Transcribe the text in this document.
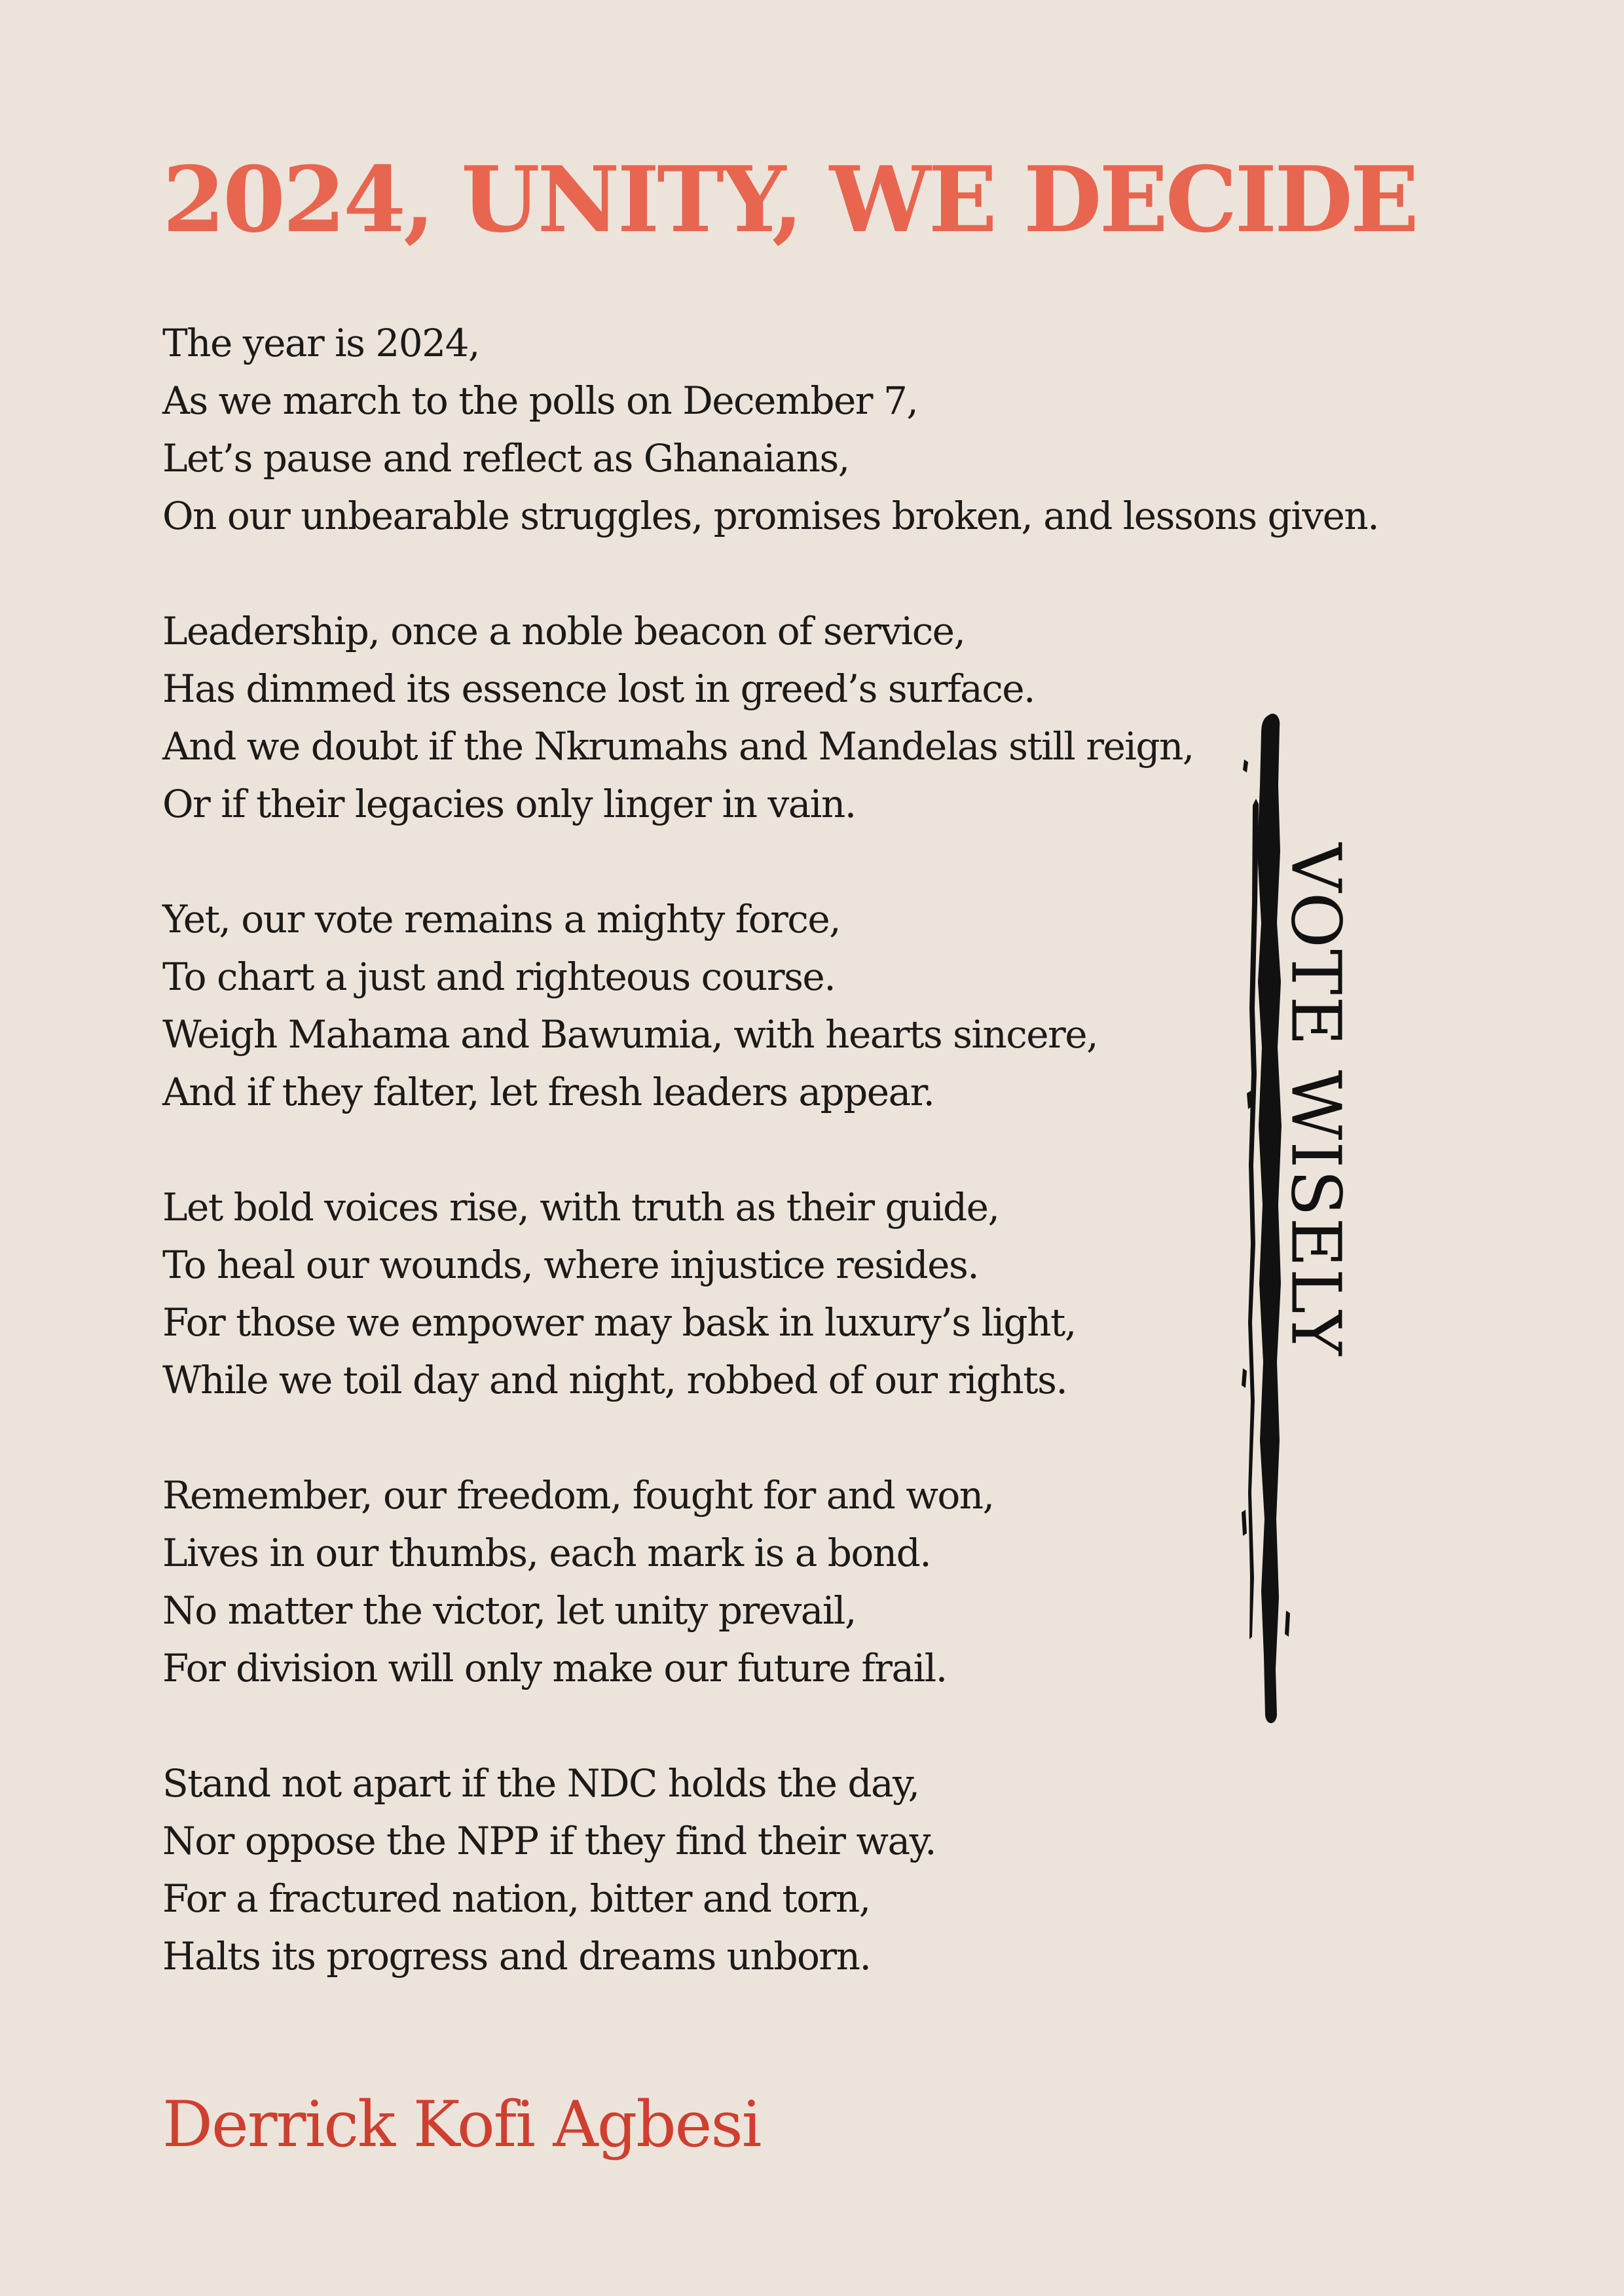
2024, UNITY, WE DECIDE
The year is 2024,
As we march to the polls on December 7,
Let’s pause and reflect as Ghanaians,
On our unbearable struggles, promises broken, and lessons given.
Leadership, once a noble beacon of service,
Has dimmed its essence lost in greed’s surface.
And we doubt if the Nkrumahs and Mandelas still reign,
Or if their legacies only linger in vain.
Yet, our vote remains a mighty force,
To chart a just and righteous course.
Weigh Mahama and Bawumia, with hearts sincere,
And if they falter, let fresh leaders appear.
Let bold voices rise, with truth as their guide,
To heal our wounds, where injustice resides.
For those we empower may bask in luxury’s light,
While we toil day and night, robbed of our rights.
Remember, our freedom, fought for and won,
Lives in our thumbs, each mark is a bond.
No matter the victor, let unity prevail,
For division will only make our future frail.
Stand not apart if the NDC holds the day,
Nor oppose the NPP if they find their way.
For a fractured nation, bitter and torn,
Halts its progress and dreams unborn.
VOTE WISELY

Derrick Kofi Agbesi
